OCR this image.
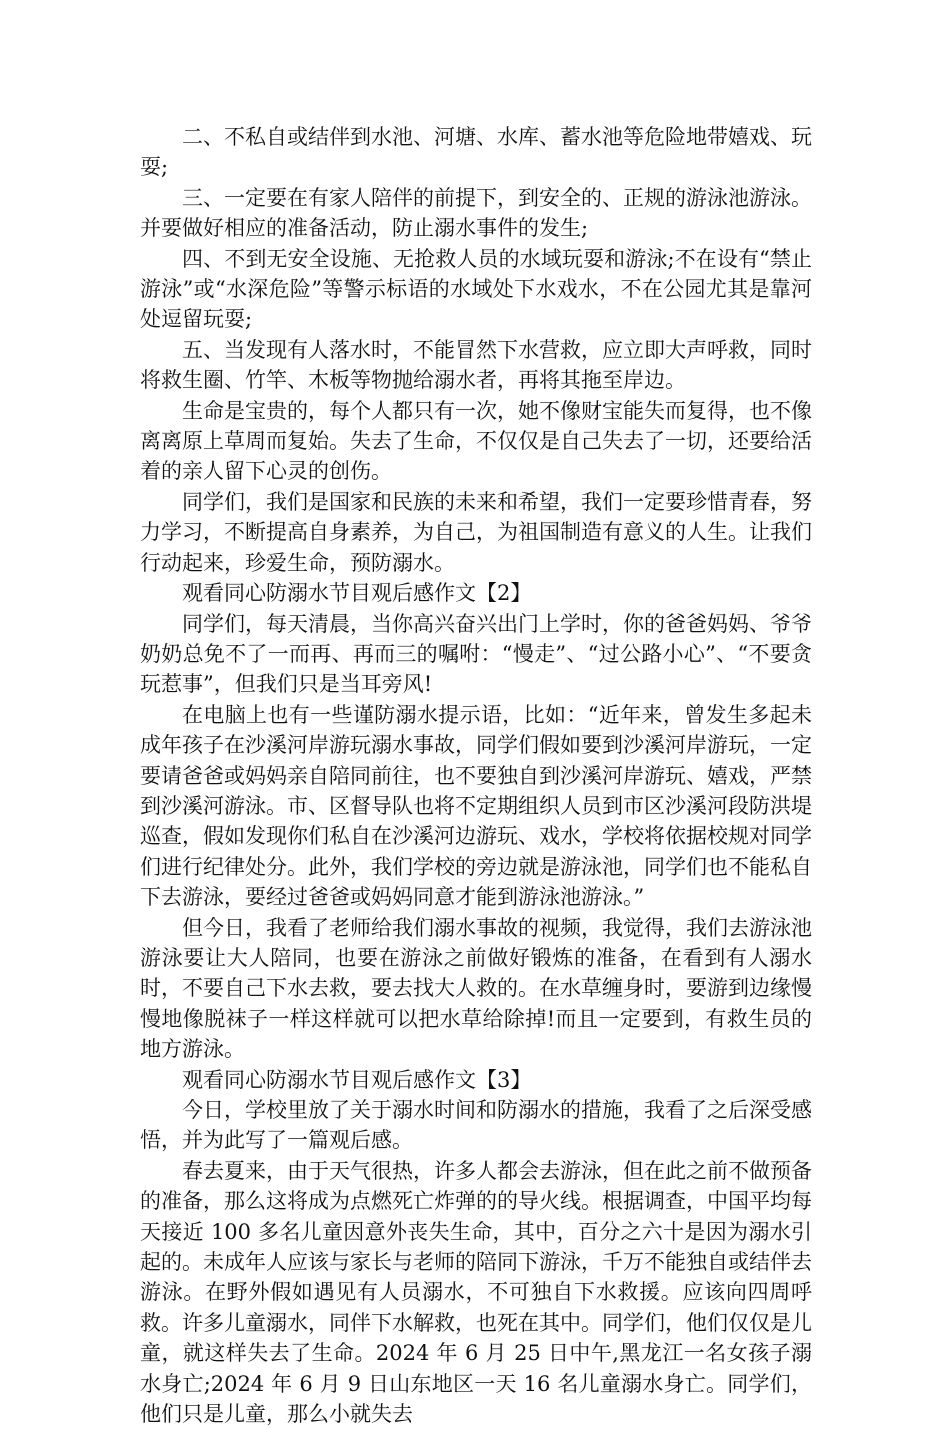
二、不私自或结伴到水池、河塘、水库、蓄水池等危险地带嬉戏、玩耍;

三、一定要在有家人陪伴的前提下，到安全的、正规的游泳池游泳。并要做好相应的准备活动，防止溺水事件的发生;

四、不到无安全设施、无抢救人员的水域玩耍和游泳;不在设有“禁止游泳”或“水深危险”等警示标语的水域处下水戏水，不在公园尤其是靠河处逗留玩耍;

五、当发现有人落水时，不能冒然下水营救，应立即大声呼救，同时将救生圈、竹竿、木板等物抛给溺水者，再将其拖至岸边。

生命是宝贵的，每个人都只有一次，她不像财宝能失而复得，也不像离离原上草周而复始。失去了生命，不仅仅是自己失去了一切，还要给活着的亲人留下心灵的创伤。

同学们，我们是国家和民族的未来和希望，我们一定要珍惜青春，努力学习，不断提高自身素养，为自己，为祖国制造有意义的人生。让我们行动起来，珍爱生命，预防溺水。

观看同心防溺水节目观后感作文【2】

同学们，每天清晨，当你高兴奋兴出门上学时，你的爸爸妈妈、爷爷奶奶总免不了一而再、再而三的嘱咐：“慢走”、“过公路小心”、“不要贪玩惹事”，但我们只是当耳旁风!

在电脑上也有一些谨防溺水提示语，比如：“近年来，曾发生多起未成年孩子在沙溪河岸游玩溺水事故，同学们假如要到沙溪河岸游玩，一定要请爸爸或妈妈亲自陪同前往，也不要独自到沙溪河岸游玩、嬉戏，严禁到沙溪河游泳。市、区督导队也将不定期组织人员到市区沙溪河段防洪堤巡查，假如发现你们私自在沙溪河边游玩、戏水，学校将依据校规对同学们进行纪律处分。此外，我们学校的旁边就是游泳池，同学们也不能私自下去游泳，要经过爸爸或妈妈同意才能到游泳池游泳。”

但今日，我看了老师给我们溺水事故的视频，我觉得，我们去游泳池游泳要让大人陪同，也要在游泳之前做好锻炼的准备，在看到有人溺水时，不要自己下水去救，要去找大人救的。在水草缠身时，要游到边缘慢慢地像脱袜子一样这样就可以把水草给除掉!而且一定要到，有救生员的地方游泳。

观看同心防溺水节目观后感作文【3】

今日，学校里放了关于溺水时间和防溺水的措施，我看了之后深受感悟，并为此写了一篇观后感。

春去夏来，由于天气很热，许多人都会去游泳，但在此之前不做预备的准备，那么这将成为点燃死亡炸弹的的导火线。根据调查，中国平均每天接近 100 多名儿童因意外丧失生命，其中，百分之六十是因为溺水引起的。未成年人应该与家长与老师的陪同下游泳，千万不能独自或结伴去游泳。在野外假如遇见有人员溺水，不可独自下水救援。应该向四周呼救。许多儿童溺水，同伴下水解救，也死在其中。同学们，他们仅仅是儿童，就这样失去了生命。2024 年 6 月 25 日中午,黑龙江一名女孩子溺水身亡;2024 年 6 月 9 日山东地区一天 16 名儿童溺水身亡。同学们，他们只是儿童，那么小就失去
